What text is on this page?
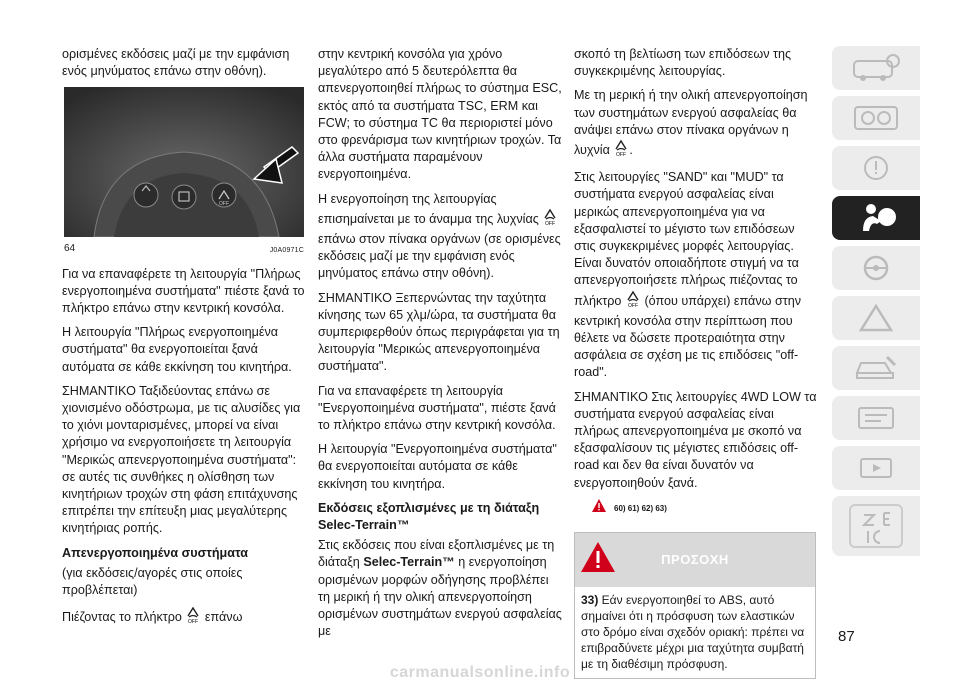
ορισμένες εκδόσεις μαζί με την εμφάνιση ενός μηνύματος επάνω στην οθόνη).

OFF
64	J0A0971C

Για να επαναφέρετε τη λειτουργία "Πλήρως ενεργοποιημένα συστήματα" πιέστε ξανά το πλήκτρο επάνω στην κεντρική κονσόλα.

Η λειτουργία "Πλήρως ενεργοποιημένα συστήματα" θα ενεργοποιείται ξανά αυτόματα σε κάθε εκκίνηση του κινητήρα.

ΣΗΜΑΝΤΙΚΟ Ταξιδεύοντας επάνω σε χιονισμένο οδόστρωμα, με τις αλυσίδες για το χιόνι μονταρισμένες, μπορεί να είναι χρήσιμο να ενεργοποιήσετε τη λειτουργία "Μερικώς απενεργοποιημένα συστήματα": σε αυτές τις συνθήκες η ολίσθηση των κινητήριων τροχών στη φάση επιτάχυνσης επιτρέπει την επίτευξη μιας μεγαλύτερης κινητήριας ροπής.

Απενεργοποιημένα συστήματα

(για εκδόσεις/αγορές στις οποίες προβλέπεται)

Πιέζοντας το πλήκτρο OFF επάνω

στην κεντρική κονσόλα για χρόνο μεγαλύτερο από 5 δευτερόλεπτα θα απενεργοποιηθεί πλήρως το σύστημα ESC, εκτός από τα συστήματα TSC, ERM και FCW; το σύστημα TC θα περιοριστεί μόνο στο φρενάρισμα των κινητήριων τροχών. Τα άλλα συστήματα παραμένουν ενεργοποιημένα.

Η ενεργοποίηση της λειτουργίας επισημαίνεται με το άναμμα της λυχνίας OFF
επάνω στον πίνακα οργάνων (σε ορισμένες εκδόσεις μαζί με την εμφάνιση ενός μηνύματος επάνω στην οθόνη).

ΣΗΜΑΝΤΙΚΟ Ξεπερνώντας την ταχύτητα κίνησης των 65 χλμ/ώρα, τα συστήματα θα συμπεριφερθούν όπως περιγράφεται για τη λειτουργία "Μερικώς απενεργοποιημένα συστήματα".

Για να επαναφέρετε τη λειτουργία "Ενεργοποιημένα συστήματα", πιέστε ξανά το πλήκτρο επάνω στην κεντρική κονσόλα.

Η λειτουργία "Ενεργοποιημένα συστήματα" θα ενεργοποιείται αυτόματα σε κάθε εκκίνηση του κινητήρα.

Εκδόσεις εξοπλισμένες με τη διάταξη Selec-Terrain™

Στις εκδόσεις που είναι εξοπλισμένες με τη διάταξη Selec-Terrain™ η ενεργοποίηση ορισμένων μορφών οδήγησης προβλέπει τη μερική ή την ολική απενεργοποίηση ορισμένων συστημάτων ενεργού ασφαλείας με

σκοπό τη βελτίωση των επιδόσεων της συγκεκριμένης λειτουργίας.

Με τη μερική ή την ολική απενεργοποίηση των συστημάτων ενεργού ασφαλείας θα ανάψει επάνω στον πίνακα οργάνων η λυχνία OFF .

Στις λειτουργίες "SAND" και "MUD" τα συστήματα ενεργού ασφαλείας είναι μερικώς απενεργοποιημένα για να εξασφαλιστεί το μέγιστο των επιδόσεων στις συγκεκριμένες μορφές λειτουργίας. Είναι δυνατόν οποιαδήποτε στιγμή να τα απενεργοποιήσετε πλήρως πιέζοντας το πλήκτρο OFF (όπου υπάρχει) επάνω στην κεντρική κονσόλα στην περίπτωση που θέλετε να δώσετε προτεραιότητα στην ασφάλεια σε σχέση με τις επιδόσεις "off-road".

ΣΗΜΑΝΤΙΚΟ Στις λειτουργίες 4WD LOW τα συστήματα ενεργού ασφαλείας είναι πλήρως απενεργοποιημένα με σκοπό να εξασφαλίσουν τις μέγιστες επιδόσεις off-road και δεν θα είναι δυνατόν να ενεργοποιηθούν ξανά.

60) 61) 62) 63)
ΠΡΟΣΟΧΗ
33) Εάν ενεργοποιηθεί το ABS, αυτό σημαίνει ότι η πρόσφυση των ελαστικών στο δρόμο είναι σχεδόν οριακή: πρέπει να επιβραδύνετε μέχρι μια ταχύτητα συμβατή με τη διαθέσιμη πρόσφυση.
87
carmanualsonline.info
